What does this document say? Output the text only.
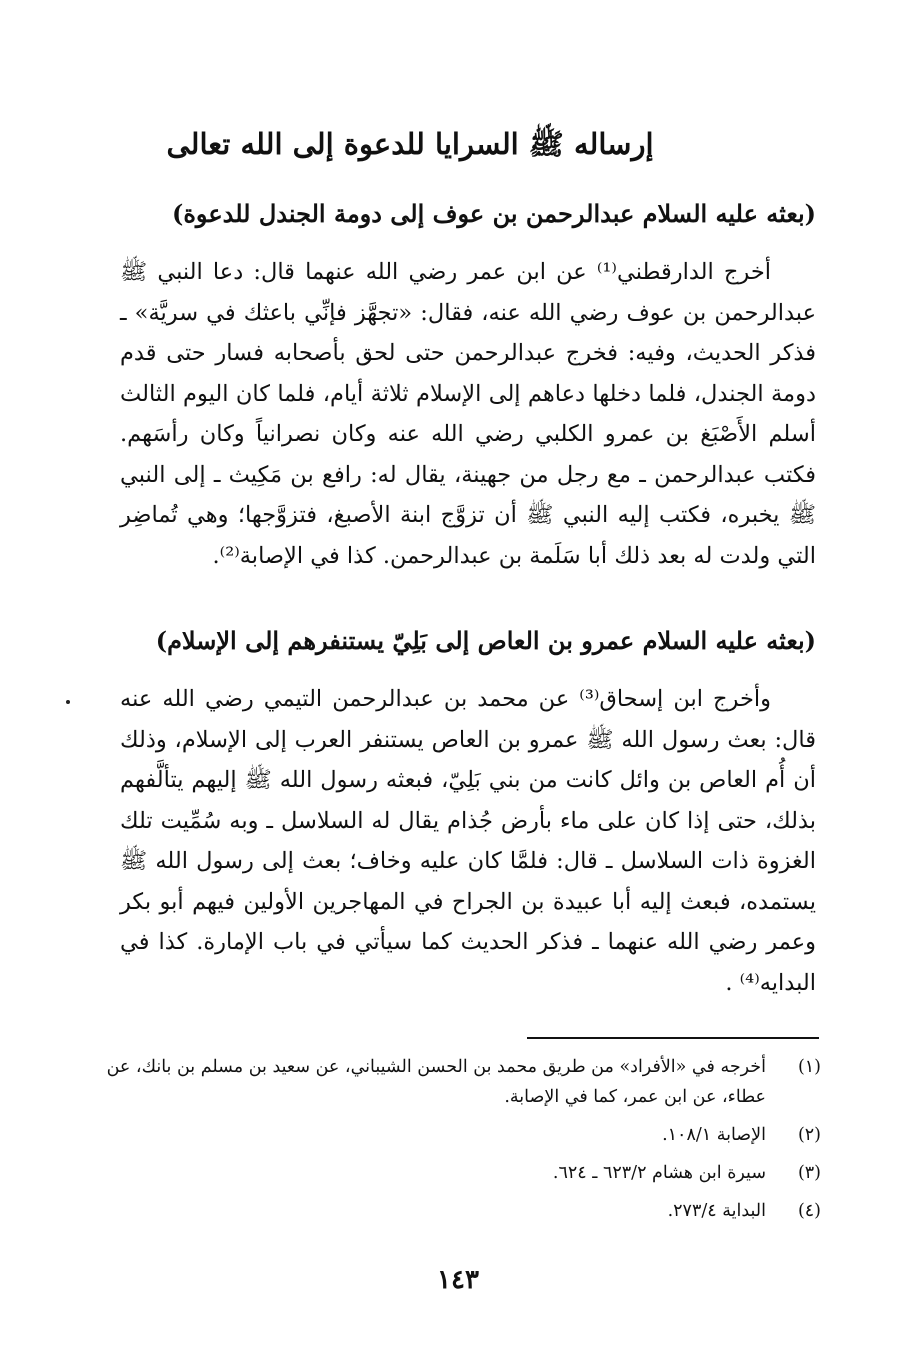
إرساله ﷺ السرايا للدعوة إلى الله تعالى
(بعثه عليه السلام عبدالرحمن بن عوف إلى دومة الجندل للدعوة)

أخرج الدارقطني⁽¹⁾ عن ابن عمر رضي الله عنهما قال: دعا النبي ﷺ عبدالرحمن بن عوف رضي الله عنه، فقال: «تجهَّز فإنِّي باعثك في سريَّة» ـ فذكر الحديث، وفيه: فخرج عبدالرحمن حتى لحق بأصحابه فسار حتى قدم دومة الجندل، فلما دخلها دعاهم إلى الإسلام ثلاثة أيام، فلما كان اليوم الثالث أسلم الأَصْبَغ بن عمرو الكلبي رضي الله عنه وكان نصرانياً وكان رأسَهم. فكتب عبدالرحمن ـ مع رجل من جهينة، يقال له: رافع بن مَكِيث ـ إلى النبي ﷺ يخبره، فكتب إليه النبي ﷺ أن تزوَّج ابنة الأصبغ، فتزوَّجها؛ وهي تُماضِر التي ولدت له بعد ذلك أبا سَلَمة بن عبدالرحمن. كذا في الإصابة⁽²⁾.

(بعثه عليه السلام عمرو بن العاص إلى بَلِيّ يستنفرهم إلى الإسلام)

وأخرج ابن إسحاق⁽³⁾ عن محمد بن عبدالرحمن التيمي رضي الله عنه قال: بعث رسول الله ﷺ عمرو بن العاص يستنفر العرب إلى الإسلام، وذلك أن أُم العاص بن وائل كانت من بني بَلِيّ، فبعثه رسول الله ﷺ إليهم يتألَّفهم بذلك، حتى إذا كان على ماء بأرض جُذام يقال له السلاسل ـ وبه سُمِّيت تلك الغزوة ذات السلاسل ـ قال: فلمَّا كان عليه وخاف؛ بعث إلى رسول الله ﷺ يستمده، فبعث إليه أبا عبيدة بن الجراح في المهاجرين الأولين فيهم أبو بكر وعمر رضي الله عنهما ـ فذكر الحديث كما سيأتي في باب الإمارة. كذا في البدايه⁽⁴⁾ .

(١)
أخرجه في «الأفراد» من طريق محمد بن الحسن الشيباني، عن سعيد بن مسلم بن بانك، عن عطاء، عن ابن عمر، كما في الإصابة.
(٢)
الإصابة ١٠٨/١.
(٣)
سيرة ابن هشام ٦٢٣/٢ ـ ٦٢٤.
(٤)
البداية ٢٧٣/٤.
١٤٣
